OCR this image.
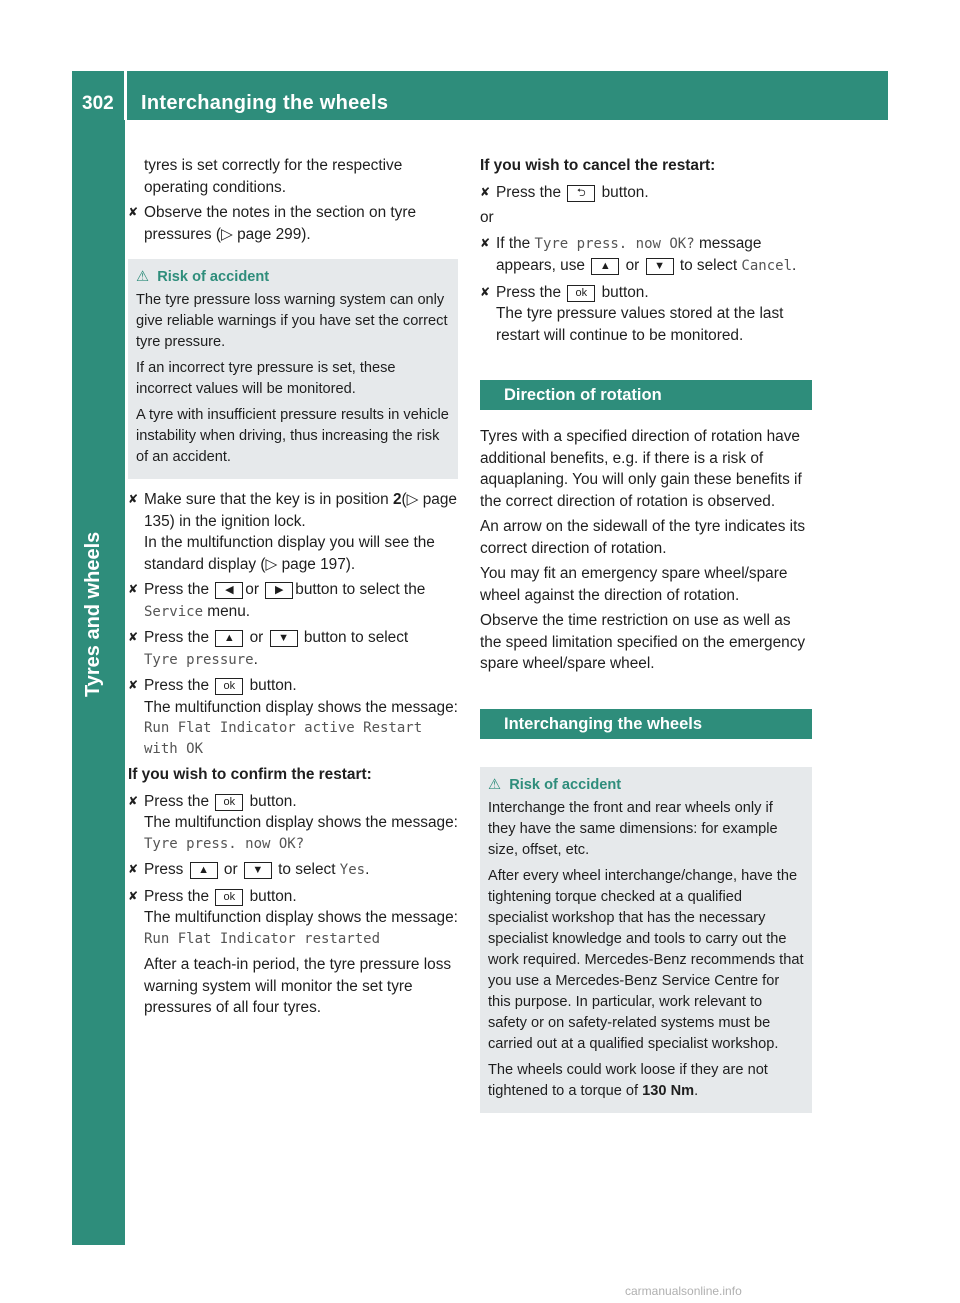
302 Interchanging the wheels
Tyres and wheels

tyres is set correctly for the respective
operating conditions.

✘ Observe the notes in the section on tyre pressures (▷ page 299).
⚠ Risk of accident

The tyre pressure loss warning system can only give reliable warnings if you have set the correct tyre pressure.

If an incorrect tyre pressure is set, these incorrect values will be monitored.

A tyre with insufficient pressure results in vehicle instability when driving, thus increasing the risk of an accident.

✘ Make sure that the key is in position 2(▷ page 135) in the ignition lock.

In the multifunction display you will see the standard display (▷ page 197).

✘ Press the ◀ or ▶ button to select the
Service menu.
✘ Press the ▲ or ▼ button to select
Tyre pressure.
✘ Press the ok button.

The multifunction display shows the message:

Run Flat Indicator active Restart with OK

If you wish to confirm the restart:

✘ Press the ok button.

The multifunction display shows the message:

Tyre press. now OK?

✘ Press ▲ or ▼ to select Yes.
✘ Press the ok button.

The multifunction display shows the message:

Run Flat Indicator restarted

After a teach-in period, the tyre pressure loss warning system will monitor the set tyre pressures of all four tyres.

If you wish to cancel the restart:

✘ Press the ⮌ button.

or

✘ If the Tyre press. now OK? message appears, use ▲ or ▼ to select Cancel.
✘ Press the ok button.

The tyre pressure values stored at the last restart will continue to be monitored.

Direction of rotation

Tyres with a specified direction of rotation have additional benefits, e.g. if there is a risk of aquaplaning. You will only gain these benefits if the correct direction of rotation is observed.

An arrow on the sidewall of the tyre indicates its correct direction of rotation.

You may fit an emergency spare wheel/spare wheel against the direction of rotation.

Observe the time restriction on use as well as the speed limitation specified on the emergency spare wheel/spare wheel.

Interchanging the wheels
⚠ Risk of accident

Interchange the front and rear wheels only if they have the same dimensions: for example size, offset, etc.

After every wheel interchange/change, have the tightening torque checked at a qualified specialist workshop that has the necessary specialist knowledge and tools to carry out the work required. Mercedes-Benz recommends that you use a Mercedes-Benz Service Centre for this purpose. In particular, work relevant to safety or on safety-related systems must be carried out at a qualified specialist workshop.

The wheels could work loose if they are not tightened to a torque of 130 Nm.

carmanualsonline.info
